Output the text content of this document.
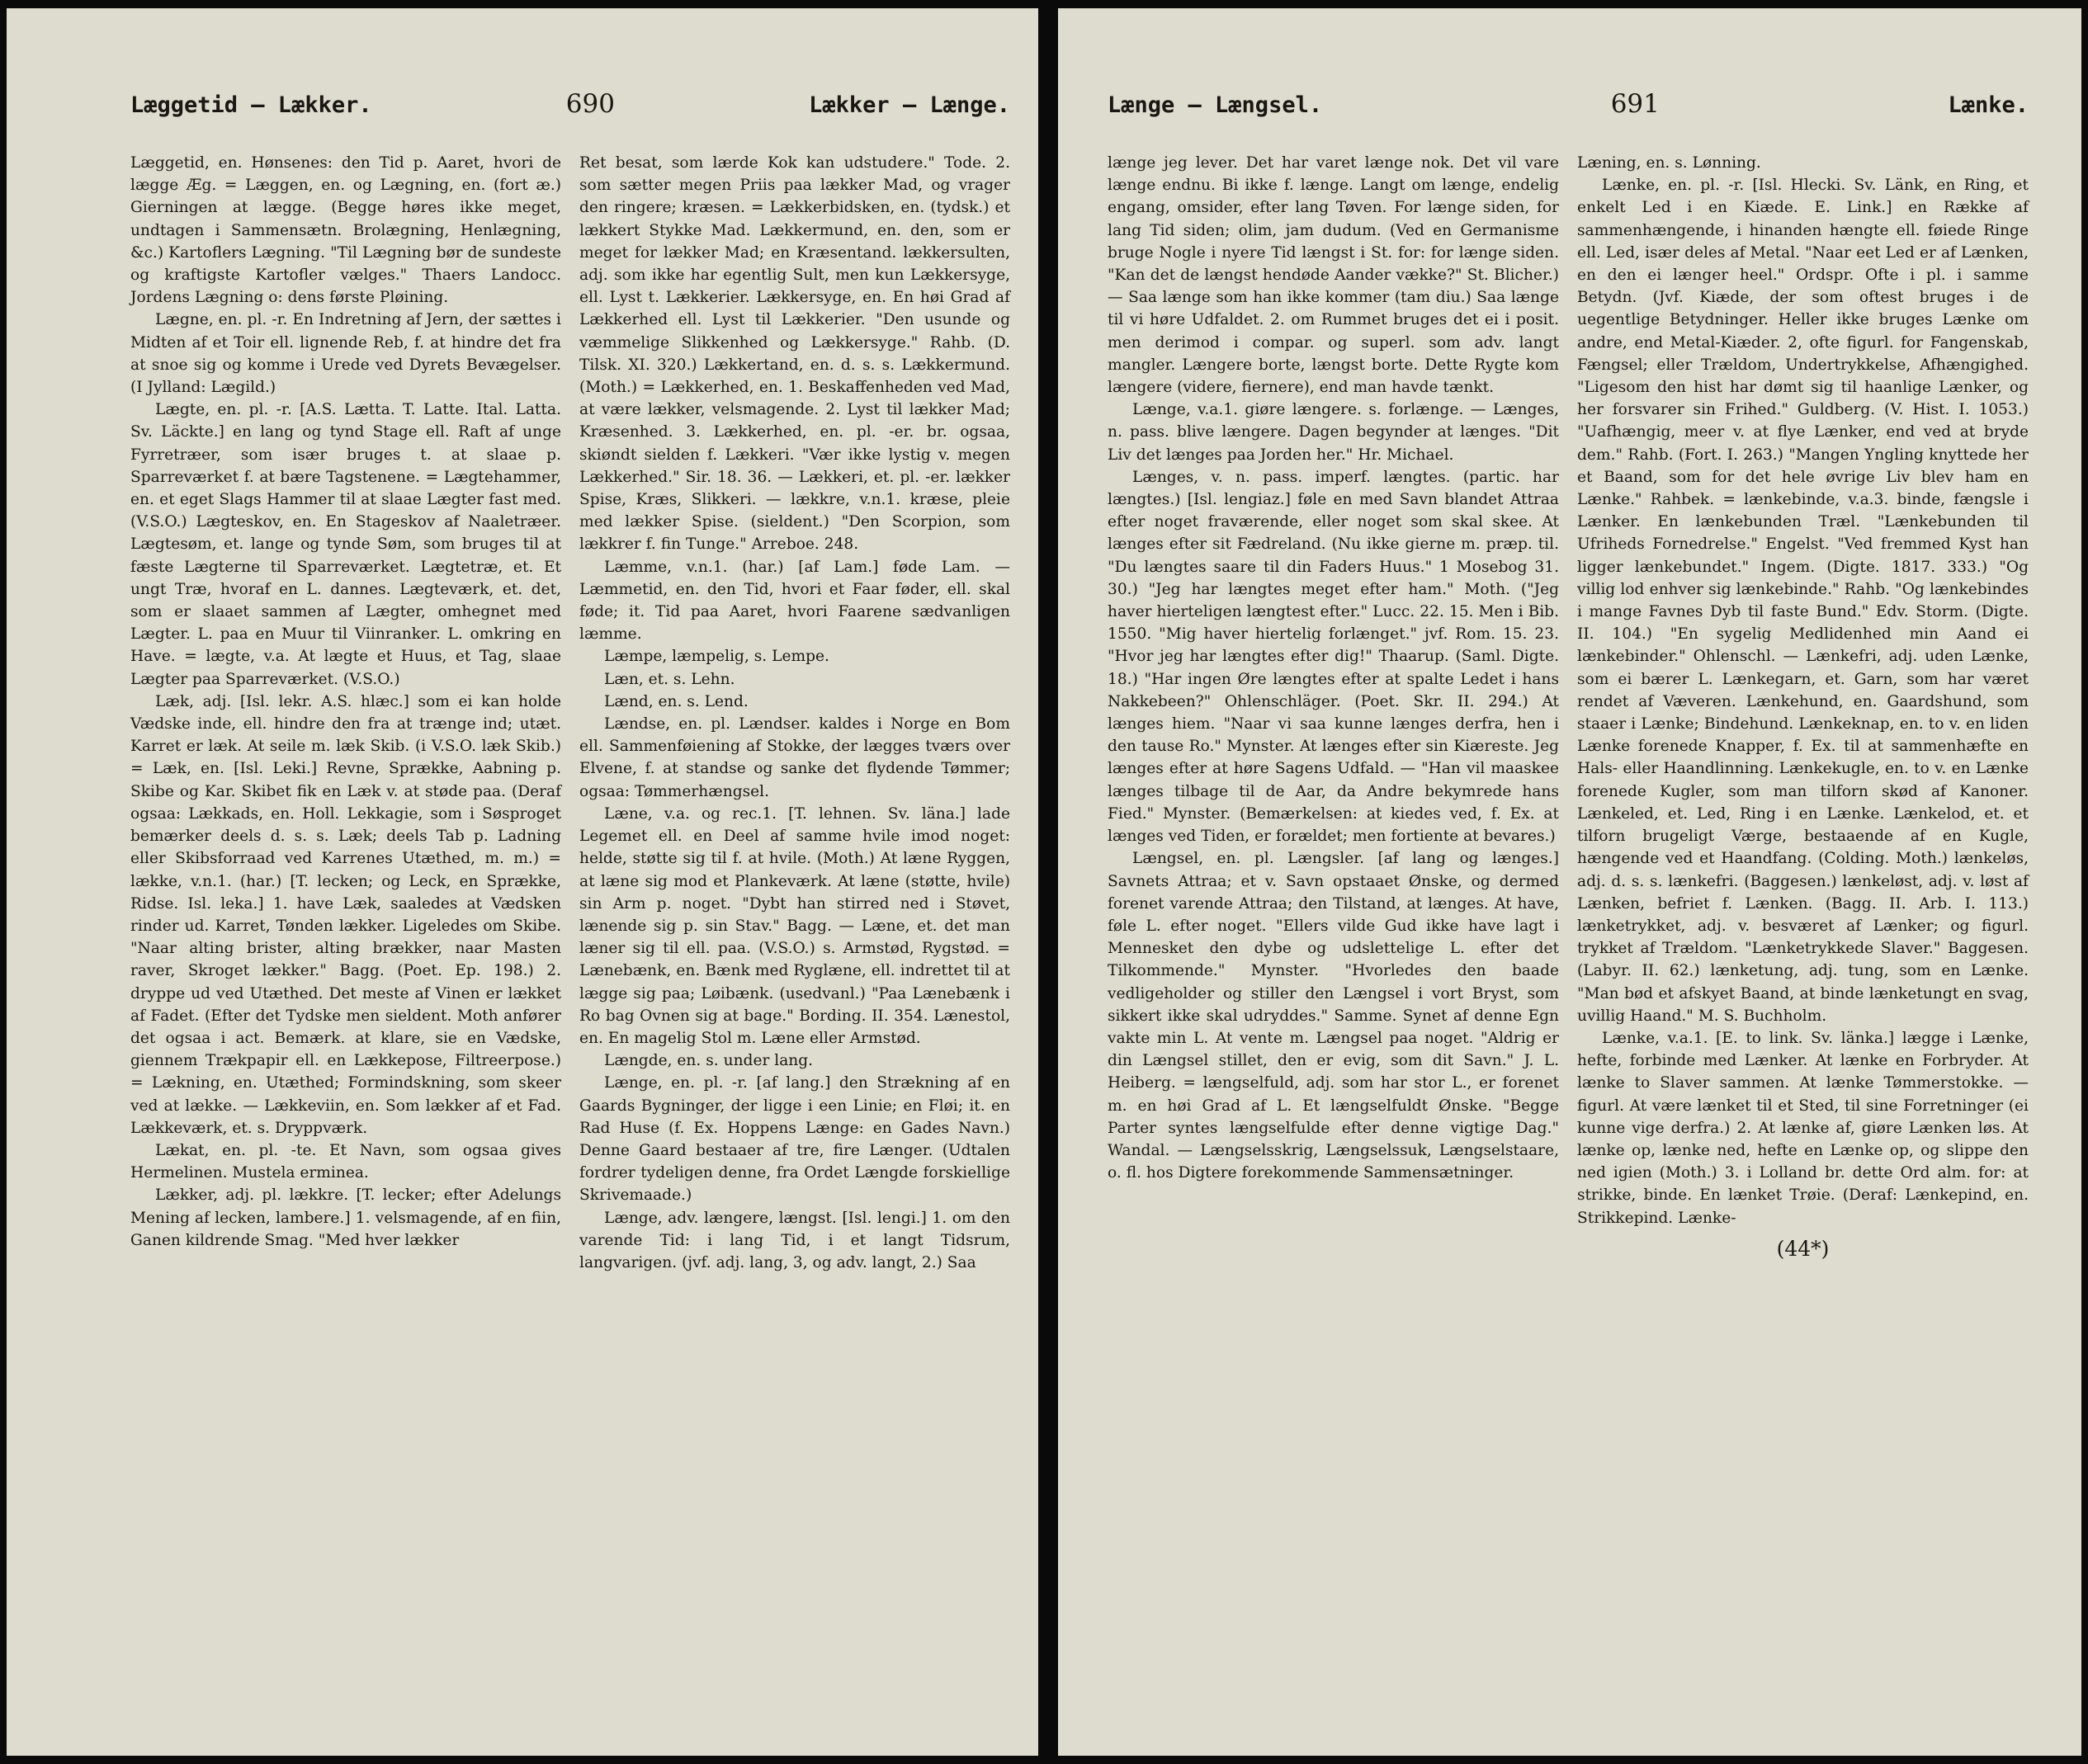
Læggetid — Lækker.	690	Lækker — Længe.

Læggetid, en. Hønsenes: den Tid p. Aaret, hvori de lægge Æg. = Læggen, en. og Lægning, en. (fort æ.) Gierningen at lægge. (Begge høres ikke meget, undtagen i Sammensætn. Brolægning, Henlægning, &c.) Kartoflers Lægning. "Til Lægning bør de sundeste og kraftigste Kartofler vælges." Thaers Landocc. Jordens Lægning o: dens første Pløining.

Lægne, en. pl. -r. En Indretning af Jern, der sættes i Midten af et Toir ell. lignende Reb, f. at hindre det fra at snoe sig og komme i Urede ved Dyrets Bevægelser. (I Jylland: Lægild.)

Lægte, en. pl. -r. [A.S. Lætta. T. Latte. Ital. Latta. Sv. Läckte.] en lang og tynd Stage ell. Raft af unge Fyrretræer, som især bruges t. at slaae p. Sparreværket f. at bære Tagstenene. = Lægtehammer, en. et eget Slags Hammer til at slaae Lægter fast med. (V.S.O.) Lægteskov, en. En Stageskov af Naaletræer. Lægtesøm, et. lange og tynde Søm, som bruges til at fæste Lægterne til Sparreværket. Lægtetræ, et. Et ungt Træ, hvoraf en L. dannes. Lægteværk, et. det, som er slaaet sammen af Lægter, omhegnet med Lægter. L. paa en Muur til Viinranker. L. omkring en Have. = lægte, v.a. At lægte et Huus, et Tag, slaae Lægter paa Sparreværket. (V.S.O.)

Læk, adj. [Isl. lekr. A.S. hlæc.] som ei kan holde Vædske inde, ell. hindre den fra at trænge ind; utæt. Karret er læk. At seile m. læk Skib. (i V.S.O. læk Skib.) = Læk, en. [Isl. Leki.] Revne, Sprække, Aabning p. Skibe og Kar. Skibet fik en Læk v. at støde paa. (Deraf ogsaa: Lækkads, en. Holl. Lekkagie, som i Søsproget bemærker deels d. s. s. Læk; deels Tab p. Ladning eller Skibsforraad ved Karrenes Utæthed, m. m.) = lække, v.n.1. (har.) [T. lecken; og Leck, en Sprække, Ridse. Isl. leka.] 1. have Læk, saaledes at Vædsken rinder ud. Karret, Tønden lækker. Ligeledes om Skibe. "Naar alting brister, alting brækker, naar Masten raver, Skroget lækker." Bagg. (Poet. Ep. 198.) 2. dryppe ud ved Utæthed. Det meste af Vinen er lækket af Fadet. (Efter det Tydske men sieldent. Moth anfører det ogsaa i act. Bemærk. at klare, sie en Vædske, giennem Trækpapir ell. en Lækkepose, Filtreerpose.) = Lækning, en. Utæthed; Formindskning, som skeer ved at lække. — Lækkeviin, en. Som lækker af et Fad. Lækkeværk, et. s. Dryppværk.

Lækat, en. pl. -te. Et Navn, som ogsaa gives Hermelinen. Mustela erminea.

Lækker, adj. pl. lækkre. [T. lecker; efter Adelungs Mening af lecken, lambere.] 1. velsmagende, af en fiin, Ganen kildrende Smag. "Med hver lækker

Ret besat, som lærde Kok kan udstudere." Tode. 2. som sætter megen Priis paa lækker Mad, og vrager den ringere; kræsen. = Lækkerbidsken, en. (tydsk.) et lækkert Stykke Mad. Lækkermund, en. den, som er meget for lækker Mad; en Kræsentand. lækkersulten, adj. som ikke har egentlig Sult, men kun Lækkersyge, ell. Lyst t. Lækkerier. Lækkersyge, en. En høi Grad af Lækkerhed ell. Lyst til Lækkerier. "Den usunde og væmmelige Slikkenhed og Lækkersyge." Rahb. (D. Tilsk. XI. 320.) Lækkertand, en. d. s. s. Lækkermund. (Moth.) = Lækkerhed, en. 1. Beskaffenheden ved Mad, at være lækker, velsmagende. 2. Lyst til lækker Mad; Kræsenhed. 3. Lækkerhed, en. pl. -er. br. ogsaa, skiøndt sielden f. Lækkeri. "Vær ikke lystig v. megen Lækkerhed." Sir. 18. 36. — Lækkeri, et. pl. -er. lækker Spise, Kræs, Slikkeri. — lækkre, v.n.1. kræse, pleie med lækker Spise. (sieldent.) "Den Scorpion, som lækkrer f. fin Tunge." Arreboe. 248.

Læmme, v.n.1. (har.) [af Lam.] føde Lam. — Læmmetid, en. den Tid, hvori et Faar føder, ell. skal føde; it. Tid paa Aaret, hvori Faarene sædvanligen læmme.

Læmpe, læmpelig, s. Lempe.

Læn, et. s. Lehn.

Lænd, en. s. Lend.

Lændse, en. pl. Lændser. kaldes i Norge en Bom ell. Sammenføiening af Stokke, der lægges tværs over Elvene, f. at standse og sanke det flydende Tømmer; ogsaa: Tømmerhængsel.

Læne, v.a. og rec.1. [T. lehnen. Sv. läna.] lade Legemet ell. en Deel af samme hvile imod noget: helde, støtte sig til f. at hvile. (Moth.) At læne Ryggen, at læne sig mod et Plankeværk. At læne (støtte, hvile) sin Arm p. noget. "Dybt han stirred ned i Støvet, lænende sig p. sin Stav." Bagg. — Læne, et. det man læner sig til ell. paa. (V.S.O.) s. Armstød, Rygstød. = Lænebænk, en. Bænk med Ryglæne, ell. indrettet til at lægge sig paa; Løibænk. (usedvanl.) "Paa Lænebænk i Ro bag Ovnen sig at bage." Bording. II. 354. Lænestol, en. En magelig Stol m. Læne eller Armstød.

Længde, en. s. under lang.

Længe, en. pl. -r. [af lang.] den Strækning af en Gaards Bygninger, der ligge i een Linie; en Fløi; it. en Rad Huse (f. Ex. Hoppens Længe: en Gades Navn.) Denne Gaard bestaaer af tre, fire Længer. (Udtalen fordrer tydeligen denne, fra Ordet Længde forskiellige Skrivemaade.)

Længe, adv. længere, længst. [Isl. lengi.] 1. om den varende Tid: i lang Tid, i et langt Tidsrum, langvarigen. (jvf. adj. lang, 3, og adv. langt, 2.) Saa

Længe — Længsel.	691	Lænke.

længe jeg lever. Det har varet længe nok. Det vil vare længe endnu. Bi ikke f. længe. Langt om længe, endelig engang, omsider, efter lang Tøven. For længe siden, for lang Tid siden; olim, jam dudum. (Ved en Germanisme bruge Nogle i nyere Tid længst i St. for: for længe siden. "Kan det de længst hendøde Aander vække?" St. Blicher.) — Saa længe som han ikke kommer (tam diu.) Saa længe til vi høre Udfaldet. 2. om Rummet bruges det ei i posit. men derimod i compar. og superl. som adv. langt mangler. Længere borte, længst borte. Dette Rygte kom længere (videre, fiernere), end man havde tænkt.

Længe, v.a.1. giøre længere. s. forlænge. — Længes, n. pass. blive længere. Dagen begynder at længes. "Dit Liv det længes paa Jorden her." Hr. Michael.

Længes, v. n. pass. imperf. længtes. (partic. har længtes.) [Isl. lengiaz.] føle en med Savn blandet Attraa efter noget fraværende, eller noget som skal skee. At længes efter sit Fædreland. (Nu ikke gierne m. præp. til. "Du længtes saare til din Faders Huus." 1 Mosebog 31. 30.) "Jeg har længtes meget efter ham." Moth. ("Jeg haver hierteligen længtest efter." Lucc. 22. 15. Men i Bib. 1550. "Mig haver hiertelig forlænget." jvf. Rom. 15. 23. "Hvor jeg har længtes efter dig!" Thaarup. (Saml. Digte. 18.) "Har ingen Øre længtes efter at spalte Ledet i hans Nakkebeen?" Ohlenschläger. (Poet. Skr. II. 294.) At længes hiem. "Naar vi saa kunne længes derfra, hen i den tause Ro." Mynster. At længes efter sin Kiæreste. Jeg længes efter at høre Sagens Udfald. — "Han vil maaskee længes tilbage til de Aar, da Andre bekymrede hans Fied." Mynster. (Bemærkelsen: at kiedes ved, f. Ex. at længes ved Tiden, er forældet; men fortiente at bevares.)

Længsel, en. pl. Længsler. [af lang og længes.] Savnets Attraa; et v. Savn opstaaet Ønske, og dermed forenet varende Attraa; den Tilstand, at længes. At have, føle L. efter noget. "Ellers vilde Gud ikke have lagt i Mennesket den dybe og udslettelige L. efter det Tilkommende." Mynster. "Hvorledes den baade vedligeholder og stiller den Længsel i vort Bryst, som sikkert ikke skal udryddes." Samme. Synet af denne Egn vakte min L. At vente m. Længsel paa noget. "Aldrig er din Længsel stillet, den er evig, som dit Savn." J. L. Heiberg. = længselfuld, adj. som har stor L., er forenet m. en høi Grad af L. Et længselfuldt Ønske. "Begge Parter syntes længselfulde efter denne vigtige Dag." Wandal. — Længselsskrig, Længselssuk, Længselstaare, o. fl. hos Digtere forekommende Sammensætninger.

Læning, en. s. Lønning.

Lænke, en. pl. -r. [Isl. Hlecki. Sv. Länk, en Ring, et enkelt Led i en Kiæde. E. Link.] en Række af sammenhængende, i hinanden hængte ell. føiede Ringe ell. Led, især deles af Metal. "Naar eet Led er af Lænken, en den ei længer heel." Ordspr. Ofte i pl. i samme Betydn. (Jvf. Kiæde, der som oftest bruges i de uegentlige Betydninger. Heller ikke bruges Lænke om andre, end Metal-Kiæder. 2, ofte figurl. for Fangenskab, Fængsel; eller Trældom, Undertrykkelse, Afhængighed. "Ligesom den hist har dømt sig til haanlige Lænker, og her forsvarer sin Frihed." Guldberg. (V. Hist. I. 1053.) "Uafhængig, meer v. at flye Lænker, end ved at bryde dem." Rahb. (Fort. I. 263.) "Mangen Yngling knyttede her et Baand, som for det hele øvrige Liv blev ham en Lænke." Rahbek. = lænkebinde, v.a.3. binde, fængsle i Lænker. En lænkebunden Træl. "Lænkebunden til Ufriheds Fornedrelse." Engelst. "Ved fremmed Kyst han ligger lænkebundet." Ingem. (Digte. 1817. 333.) "Og villig lod enhver sig lænkebinde." Rahb. "Og lænkebindes i mange Favnes Dyb til faste Bund." Edv. Storm. (Digte. II. 104.) "En sygelig Medlidenhed min Aand ei lænkebinder." Ohlenschl. — Lænkefri, adj. uden Lænke, som ei bærer L. Lænkegarn, et. Garn, som har været rendet af Væveren. Lænkehund, en. Gaardshund, som staaer i Lænke; Bindehund. Lænkeknap, en. to v. en liden Lænke forenede Knapper, f. Ex. til at sammenhæfte en Hals- eller Haandlinning. Lænkekugle, en. to v. en Lænke forenede Kugler, som man tilforn skød af Kanoner. Lænkeled, et. Led, Ring i en Lænke. Lænkelod, et. et tilforn brugeligt Værge, bestaaende af en Kugle, hængende ved et Haandfang. (Colding. Moth.) lænkeløs, adj. d. s. s. lænkefri. (Baggesen.) lænkeløst, adj. v. løst af Lænken, befriet f. Lænken. (Bagg. II. Arb. I. 113.) lænketrykket, adj. v. besværet af Lænker; og figurl. trykket af Trældom. "Lænketrykkede Slaver." Baggesen. (Labyr. II. 62.) lænketung, adj. tung, som en Lænke. "Man bød et afskyet Baand, at binde lænketungt en svag, uvillig Haand." M. S. Buchholm.

Lænke, v.a.1. [E. to link. Sv. länka.] lægge i Lænke, hefte, forbinde med Lænker. At lænke en Forbryder. At lænke to Slaver sammen. At lænke Tømmerstokke. — figurl. At være lænket til et Sted, til sine Forretninger (ei kunne vige derfra.) 2. At lænke af, giøre Lænken løs. At lænke op, lænke ned, hefte en Lænke op, og slippe den ned igien (Moth.) 3. i Lolland br. dette Ord alm. for: at strikke, binde. En lænket Trøie. (Deraf: Lænkepind, en. Strikkepind. Lænke-

(44*)
